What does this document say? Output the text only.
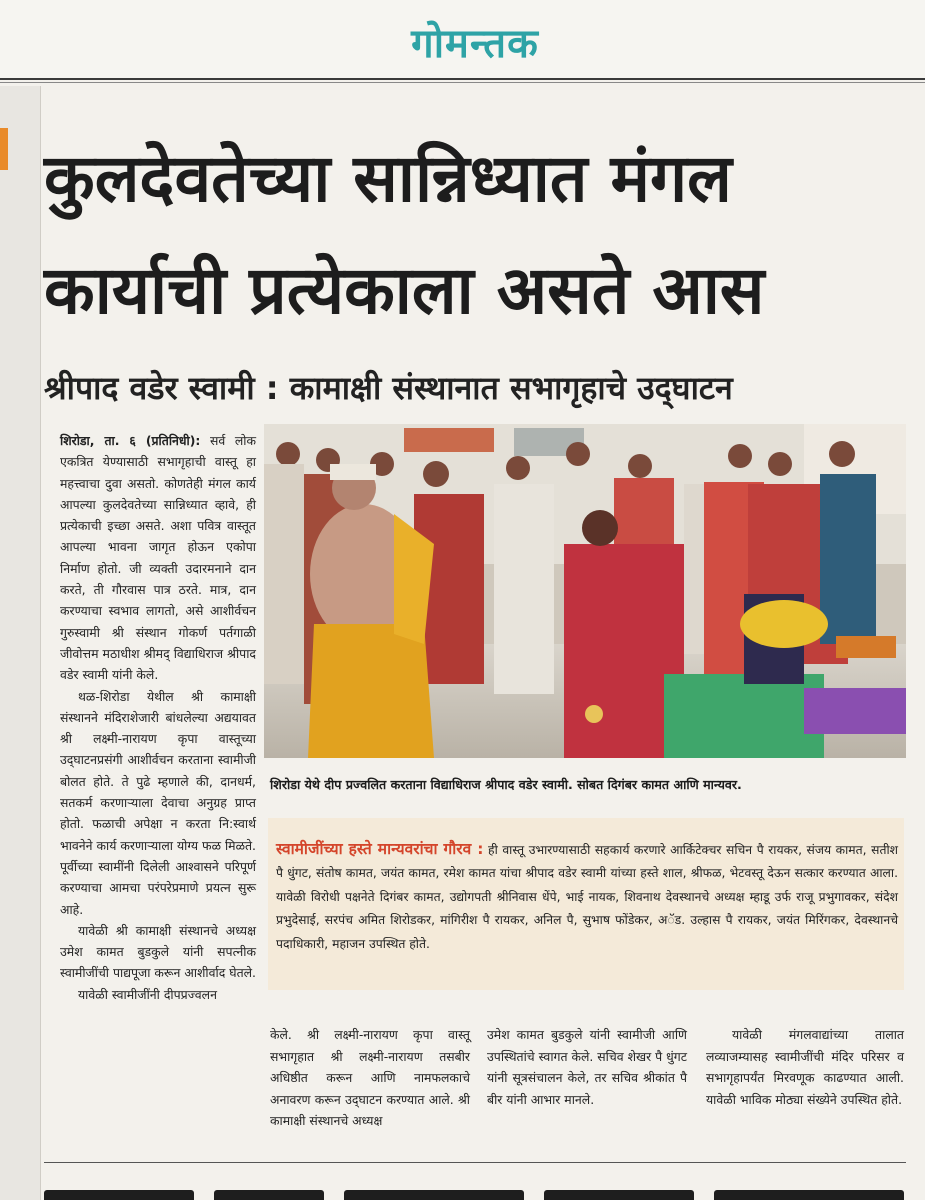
गोमन्तक
कुलदेवतेच्या सान्निध्यात मंगल
कार्याची प्रत्येकाला असते आस
श्रीपाद वडेर स्वामी : कामाक्षी संस्थानात सभागृहाचे उद्‍घाटन

शिरोडा, ता. ६ (प्रतिनिधी): सर्व लोक एकत्रित येण्यासाठी सभागृहाची वास्तू हा महत्त्वाचा दुवा असतो. कोणतेही मंगल कार्य आपल्या कुलदेवतेच्या सान्निध्यात व्हावे, ही प्रत्येकाची इच्छा असते. अशा पवित्र वास्तूत आपल्या भावना जागृत होऊन एकोपा निर्माण होतो. जी व्यक्ती उदारमनाने दान करते, ती गौरवास पात्र ठरते. मात्र, दान करण्याचा स्वभाव लागतो, असे आशीर्वचन गुरुस्वामी श्री संस्थान गोकर्ण पर्तगाळी जीवोत्तम मठाधीश श्रीमद् विद्याधिराज श्रीपाद वडेर स्वामी यांनी केले.

थळ-शिरोडा येथील श्री कामाक्षी संस्थानने मंदिराशेजारी बांधलेल्या अद्ययावत श्री लक्ष्मी-नारायण कृपा वास्तूच्या उद्‍घाटनप्रसंगी आशीर्वचन करताना स्वामीजी बोलत होते. ते पुढे म्हणाले की, दानधर्म, सतकर्म करणाऱ्याला देवाचा अनुग्रह प्राप्त होतो. फळाची अपेक्षा न करता नि:स्वार्थ भावनेने कार्य करणाऱ्याला योग्य फळ मिळते. पूर्वीच्या स्वामींनी दिलेली आश्वासने परिपूर्ण करण्याचा आमचा परंपरेप्रमाणे प्रयत्न सुरू आहे.

यावेळी श्री कामाक्षी संस्थानचे अध्यक्ष उमेश कामत बुडकुले यांनी सपत्नीक स्वामीजींची पाद्यपूजा करून आशीर्वाद घेतले.

यावेळी स्वामीजींनी दीपप्रज्वलन

शिरोडा येथे दीप प्रज्वलित करताना विद्याधिराज श्रीपाद वडेर स्वामी. सोबत दिगंबर कामत आणि मान्यवर.
स्वामीजींच्या हस्ते मान्यवरांचा गौरव : ही वास्तू उभारण्यासाठी सहकार्य करणारे आर्किटेक्चर सचिन पै रायकर, संजय कामत, सतीश पै धुंगट, संतोष कामत, जयंत कामत, रमेश कामत यांचा श्रीपाद वडेर स्वामी यांच्या हस्ते शाल, श्रीफळ, भेटवस्तू देऊन सत्कार करण्यात आला. यावेळी विरोधी पक्षनेते दिगंबर कामत, उद्योगपती श्रीनिवास धेंपे, भाई नायक, शिवनाथ देवस्थानचे अध्यक्ष म्हाडू उर्फ राजू प्रभुगावकर, संदेश प्रभुदेसाई, सरपंच अमित शिरोडकर, मांगिरीश पै रायकर, अनिल पै, सुभाष फोंडेकर, अॅड. उल्हास पै रायकर, जयंत मिरिंगकर, देवस्थानचे पदाधिकारी, महाजन उपस्थित होते.
केले. श्री लक्ष्मी-नारायण कृपा वास्तू सभागृहात श्री लक्ष्मी-नारायण तसबीर अधिष्ठीत करून आणि नामफलकाचे अनावरण करून उद्‍घाटन करण्यात आले. श्री कामाक्षी संस्थानचे अध्यक्ष
उमेश कामत बुडकुले यांनी स्वामीजी आणि उपस्थितांचे स्वागत केले. सचिव शेखर पै धुंगट यांनी सूत्रसंचालन केले, तर सचिव श्रीकांत पै बीर यांनी आभार मानले.
यावेळी मंगलवाद्यांच्या तालात लव्याजम्यासह स्वामीजींची मंदिर परिसर व सभागृहापर्यंत मिरवणूक काढण्यात आली. यावेळी भाविक मोठ्या संख्येने उपस्थित होते.
